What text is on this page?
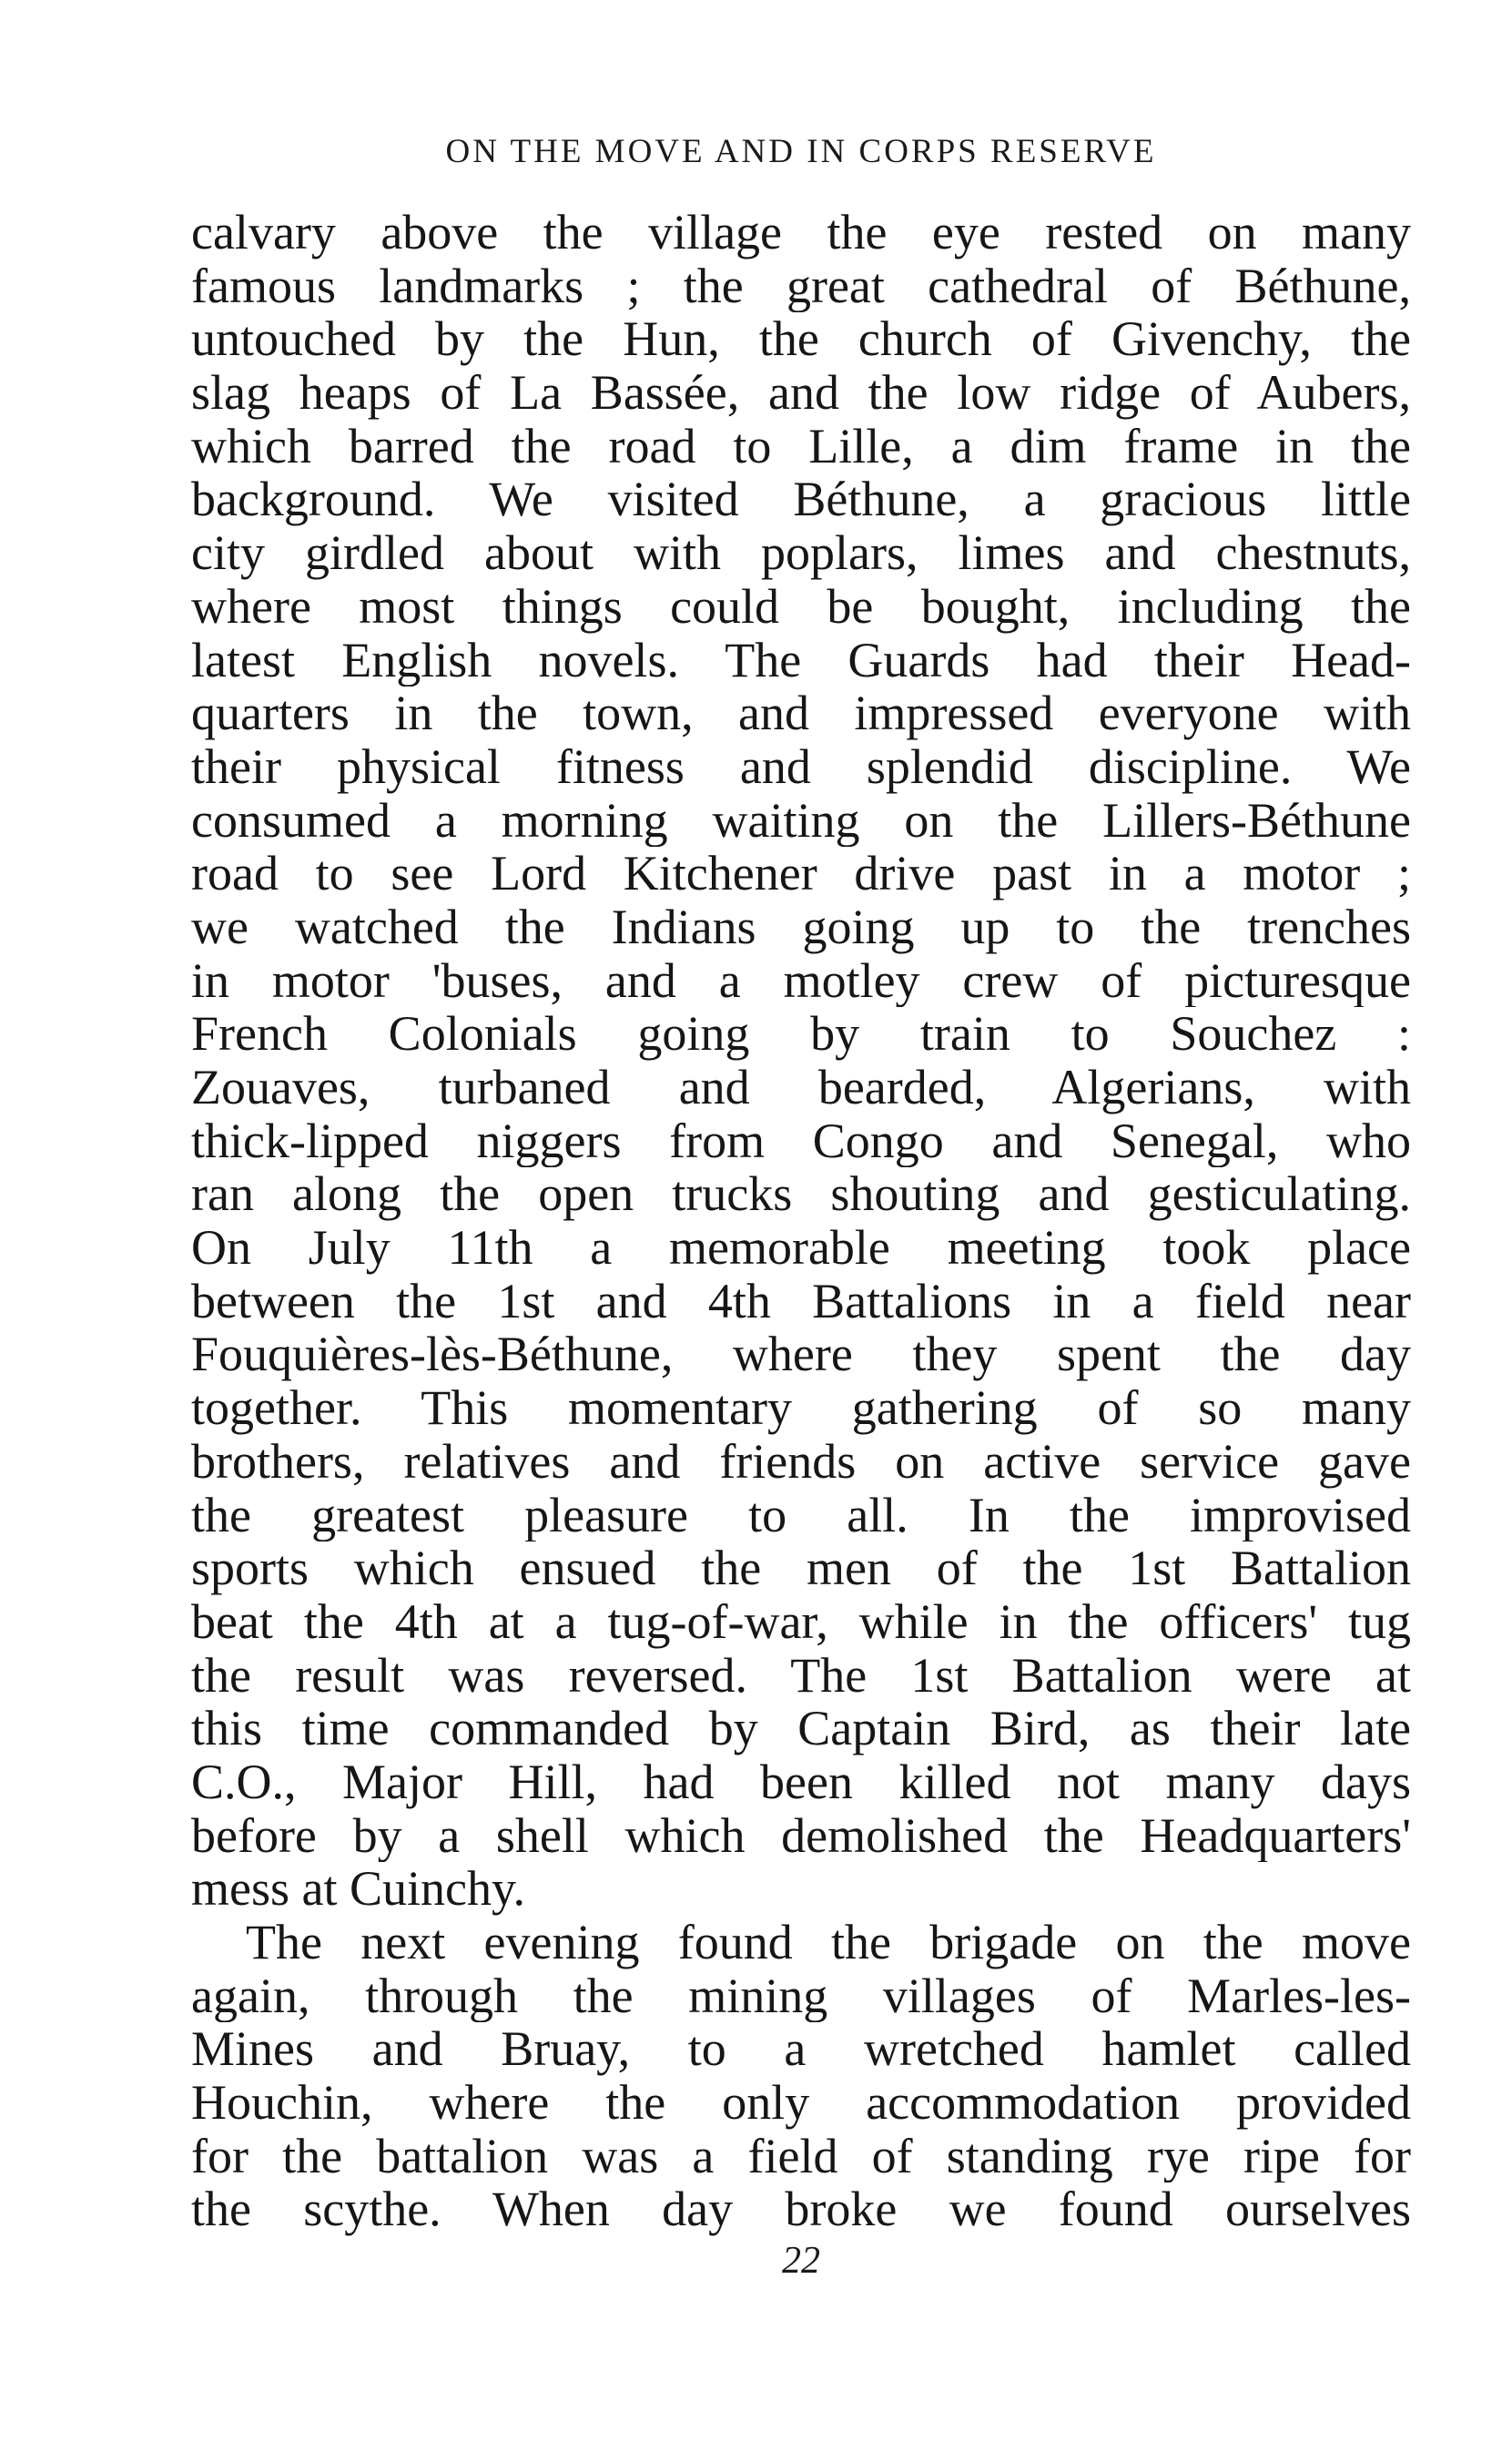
ON THE MOVE AND IN CORPS RESERVE
calvary above the village the eye rested on many
famous landmarks ; the great cathedral of Béthune,
untouched by the Hun, the church of Givenchy, the
slag heaps of La Bassée, and the low ridge of Aubers,
which barred the road to Lille, a dim frame in the
background. We visited Béthune, a gracious little
city girdled about with poplars, limes and chestnuts,
where most things could be bought, including the
latest English novels. The Guards had their Head-
quarters in the town, and impressed everyone with
their physical fitness and splendid discipline. We
consumed a morning waiting on the Lillers-Béthune
road to see Lord Kitchener drive past in a motor ;
we watched the Indians going up to the trenches
in motor 'buses, and a motley crew of picturesque
French Colonials going by train to Souchez :
Zouaves, turbaned and bearded, Algerians, with
thick-lipped niggers from Congo and Senegal, who
ran along the open trucks shouting and gesticulating.
On July 11th a memorable meeting took place
between the 1st and 4th Battalions in a field near
Fouquières-lès-Béthune, where they spent the day
together. This momentary gathering of so many
brothers, relatives and friends on active service gave
the greatest pleasure to all. In the improvised
sports which ensued the men of the 1st Battalion
beat the 4th at a tug-of-war, while in the officers' tug
the result was reversed. The 1st Battalion were at
this time commanded by Captain Bird, as their late
C.O., Major Hill, had been killed not many days
before by a shell which demolished the Headquarters'
mess at Cuinchy.
The next evening found the brigade on the move
again, through the mining villages of Marles-les-
Mines and Bruay, to a wretched hamlet called
Houchin, where the only accommodation provided
for the battalion was a field of standing rye ripe for
the scythe. When day broke we found ourselves
22
